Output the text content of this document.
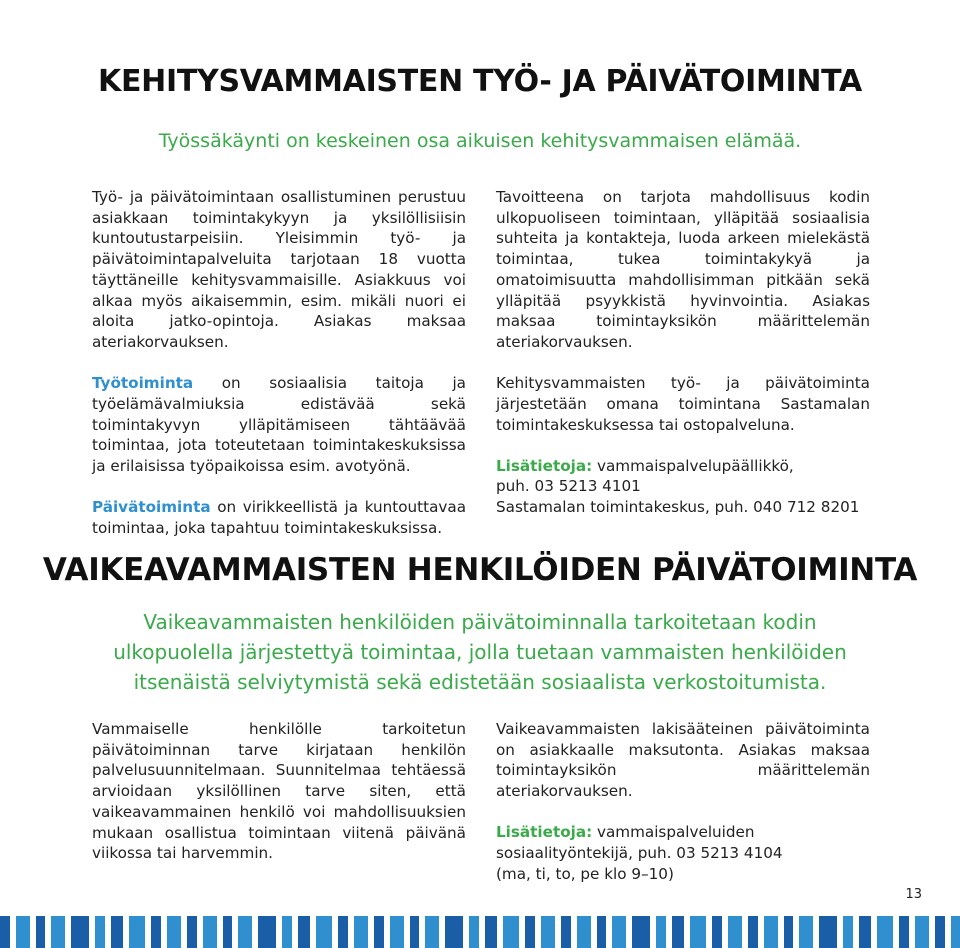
KEHITYSVAMMAISTEN TYÖ- JA PÄIVÄTOIMINTA

Työssäkäynti on keskeinen osa aikuisen kehitysvammaisen elämää.

Työ- ja päivätoimintaan osallistuminen perustuu asiakkaan toimintakykyyn ja yksilöllisiisin kuntoutustarpeisiin. Yleisimmin työ- ja päivätoimintapalveluita tarjotaan 18 vuotta täyttäneille kehitysvammaisille. Asiakkuus voi alkaa myös aikaisemmin, esim. mikäli nuori ei aloita jatko-opintoja. Asiakas maksaa ateriakorvauksen.

Työtoiminta on sosiaalisia taitoja ja työelämävalmiuksia edistävää sekä toimintakyvyn ylläpitämiseen tähtäävää toimintaa, jota toteutetaan toimintakeskuksissa ja erilaisissa työpaikoissa esim. avotyönä.

Päivätoiminta on virikkeellistä ja kuntouttavaa toimintaa, joka tapahtuu toimintakeskuksissa.

Tavoitteena on tarjota mahdollisuus kodin ulkopuoliseen toimintaan, ylläpitää sosiaalisia suhteita ja kontakteja, luoda arkeen mielekästä toimintaa, tukea toimintakykyä ja omatoimisuutta mahdollisimman pitkään sekä ylläpitää psyykkistä hyvinvointia. Asiakas maksaa toimintayksikön määrittelemän ateriakorvauksen.

Kehitysvammaisten työ- ja päivätoiminta järjestetään omana toimintana Sastamalan toimintakeskuksessa tai ostopalveluna.

Lisätietoja: vammaispalvelupäällikkö,
puh. 03 5213 4101
Sastamalan toimintakeskus, puh. 040 712 8201

VAIKEAVAMMAISTEN HENKILÖIDEN PÄIVÄTOIMINTA

Vaikeavammaisten henkilöiden päivätoiminnalla tarkoitetaan kodin
ulkopuolella järjestettyä toimintaa, jolla tuetaan vammaisten henkilöiden
itsenäistä selviytymistä sekä edistetään sosiaalista verkostoitumista.

Vammaiselle henkilölle tarkoitetun päivätoiminnan tarve kirjataan henkilön palvelusuunnitelmaan. Suunnitelmaa tehtäessä arvioidaan yksilöllinen tarve siten, että vaikeavammainen henkilö voi mahdollisuuksien mukaan osallistua toimintaan viitenä päivänä viikossa tai harvemmin.

Vaikeavammaisten lakisääteinen päivätoiminta on asiakkaalle maksutonta. Asiakas maksaa toimintayksikön määrittelemän ateriakorvauksen.

Lisätietoja: vammaispalveluiden
sosiaalityöntekijä, puh. 03 5213 4104
(ma, ti, to, pe klo 9–10)

13
